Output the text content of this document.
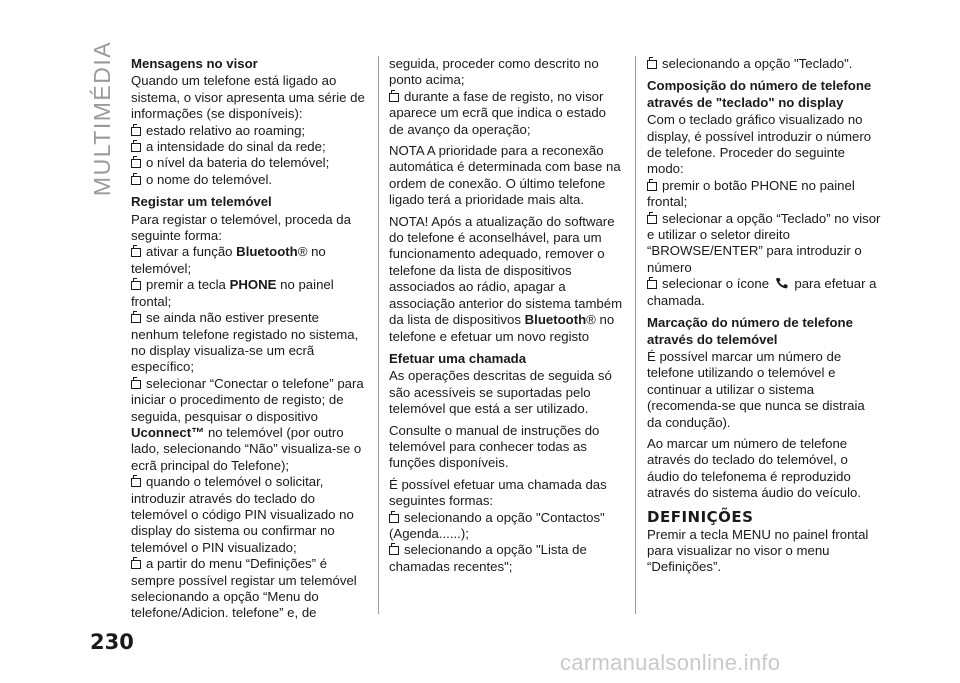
MULTIMÉDIA Mensagens no visor

Quando um telefone está ligado ao sistema, o visor apresenta uma série de informações (se disponíveis):

estado relativo ao roaming;
a intensidade do sinal da rede;
o nível da bateria do telemóvel;
o nome do telemóvel.
Registar um telemóvel

Para registar o telemóvel, proceda da seguinte forma:

ativar a função Bluetooth® no telemóvel;
premir a tecla PHONE no painel frontal;
se ainda não estiver presente nenhum telefone registado no sistema, no display visualiza-se um ecrã específico;
selecionar “Conectar o telefone” para iniciar o procedimento de registo; de seguida, pesquisar o dispositivo Uconnect™ no telemóvel (por outro lado, selecionando “Não” visualiza-se o ecrã principal do Telefone);
quando o telemóvel o solicitar, introduzir através do teclado do telemóvel o código PIN visualizado no display do sistema ou confirmar no telemóvel o PIN visualizado;
a partir do menu “Definições” é sempre possível registar um telemóvel selecionando a opção “Menu do telefone/Adicion. telefone” e, de

seguida, proceder como descrito no ponto acima;

durante a fase de registo, no visor aparece um ecrã que indica o estado de avanço da operação;

NOTA A prioridade para a reconexão automática é determinada com base na ordem de conexão. O último telefone ligado terá a prioridade mais alta.

NOTA! Após a atualização do software do telefone é aconselhável, para um funcionamento adequado, remover o telefone da lista de dispositivos associados ao rádio, apagar a associação anterior do sistema também da lista de dispositivos Bluetooth® no telefone e efetuar um novo registo

Efetuar uma chamada

As operações descritas de seguida só são acessíveis se suportadas pelo telemóvel que está a ser utilizado.

Consulte o manual de instruções do telemóvel para conhecer todas as funções disponíveis.

É possível efetuar uma chamada das seguintes formas:

selecionando a opção "Contactos" (Agenda......);
selecionando a opção "Lista de chamadas recentes";
selecionando a opção "Teclado".
Composição do número de telefone através de "teclado" no display

Com o teclado gráfico visualizado no display, é possível introduzir o número de telefone. Proceder do seguinte modo:

premir o botão PHONE no painel frontal;
selecionar a opção “Teclado” no visor e utilizar o seletor direito “BROWSE/ENTER” para introduzir o número
selecionar o ícone  para efetuar a chamada.
Marcação do número de telefone através do telemóvel

É possível marcar um número de telefone utilizando o telemóvel e continuar a utilizar o sistema (recomenda-se que nunca se distraia da condução).

Ao marcar um número de telefone através do teclado do telemóvel, o áudio do telefonema é reproduzido através do sistema áudio do veículo.

DEFINIÇÕES

Premir a tecla MENU no painel frontal para visualizar no visor o menu “Definições”.

230
carmanualsonline.info
